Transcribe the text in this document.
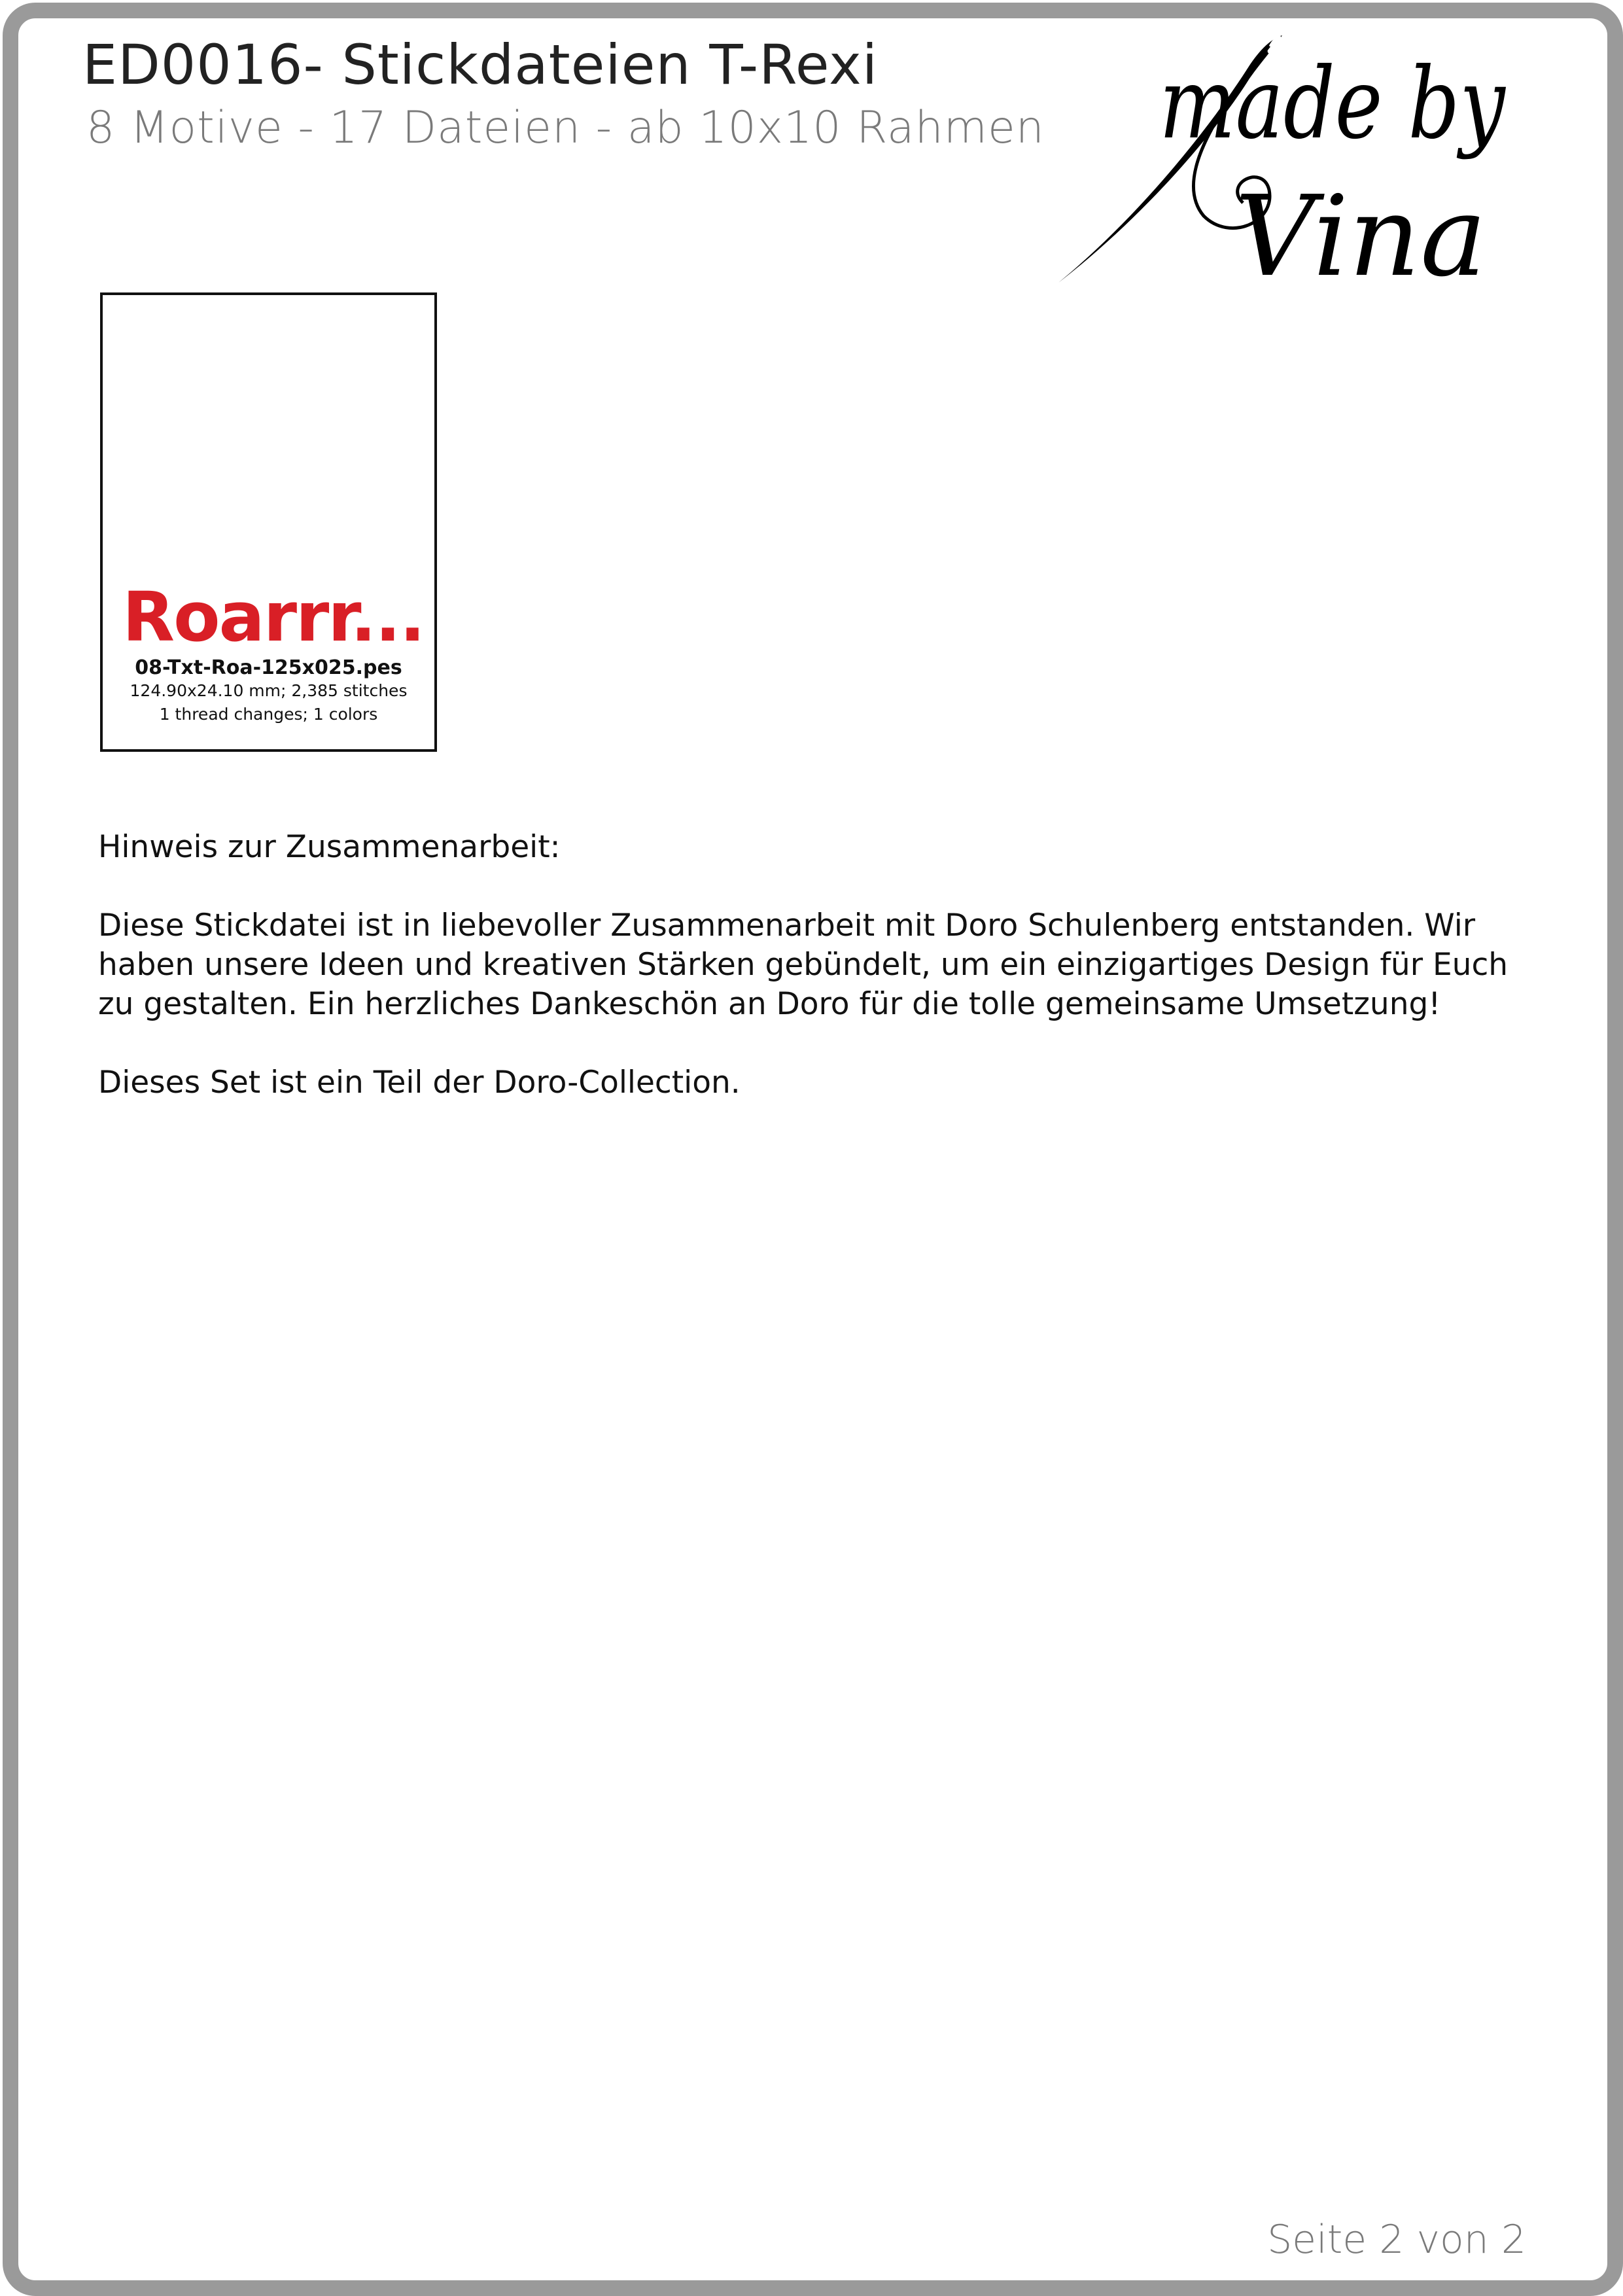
ED0016- Stickdateien T-Rexi
8 Motive - 17 Dateien - ab 10x10 Rahmen made by
Vina
Roarrr...
08-Txt-Roa-125x025.pes
124.90x24.10 mm; 2,385 stitches
1 thread changes; 1 colors

Hinweis zur Zusammenarbeit:

Diese Stickdatei ist in liebevoller Zusammenarbeit mit Doro Schulenberg entstanden. Wir haben unsere Ideen und kreativen Stärken gebündelt, um ein einzigartiges Design für Euch zu gestalten. Ein herzliches Dankeschön an Doro für die tolle gemeinsame Umsetzung!

Dieses Set ist ein Teil der Doro-Collection.

Seite 2 von 2
